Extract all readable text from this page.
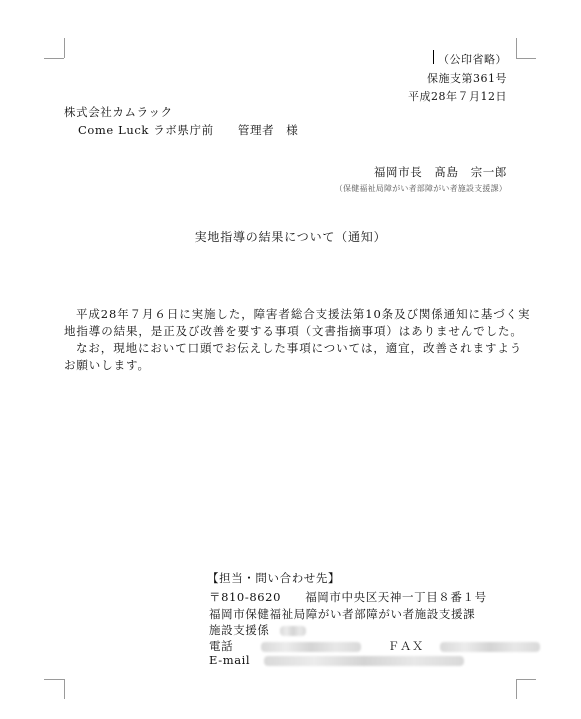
（公印省略）
保施支第361号
平成28年７月12日
株式会社カムラック
Come Luck ラボ県庁前　　管理者　様
福岡市長　髙島　宗一郎
（保健福祉局障がい者部障がい者施設支援課）
実地指導の結果について（通知）
平成28年７月６日に実施した，障害者総合支援法第10条及び関係通知に基づく実
地指導の結果，是正及び改善を要する事項（文書指摘事項）はありませんでした。
なお，現地において口頭でお伝えした事項については，適宜，改善されますよう
お願いします。
【担当・問い合わせ先】
〒810-8620　　福岡市中央区天神一丁目８番１号
福岡市保健福祉局障がい者部障がい者施設支援課
施設支援係
電話	ＦＡＸ
E-mail
